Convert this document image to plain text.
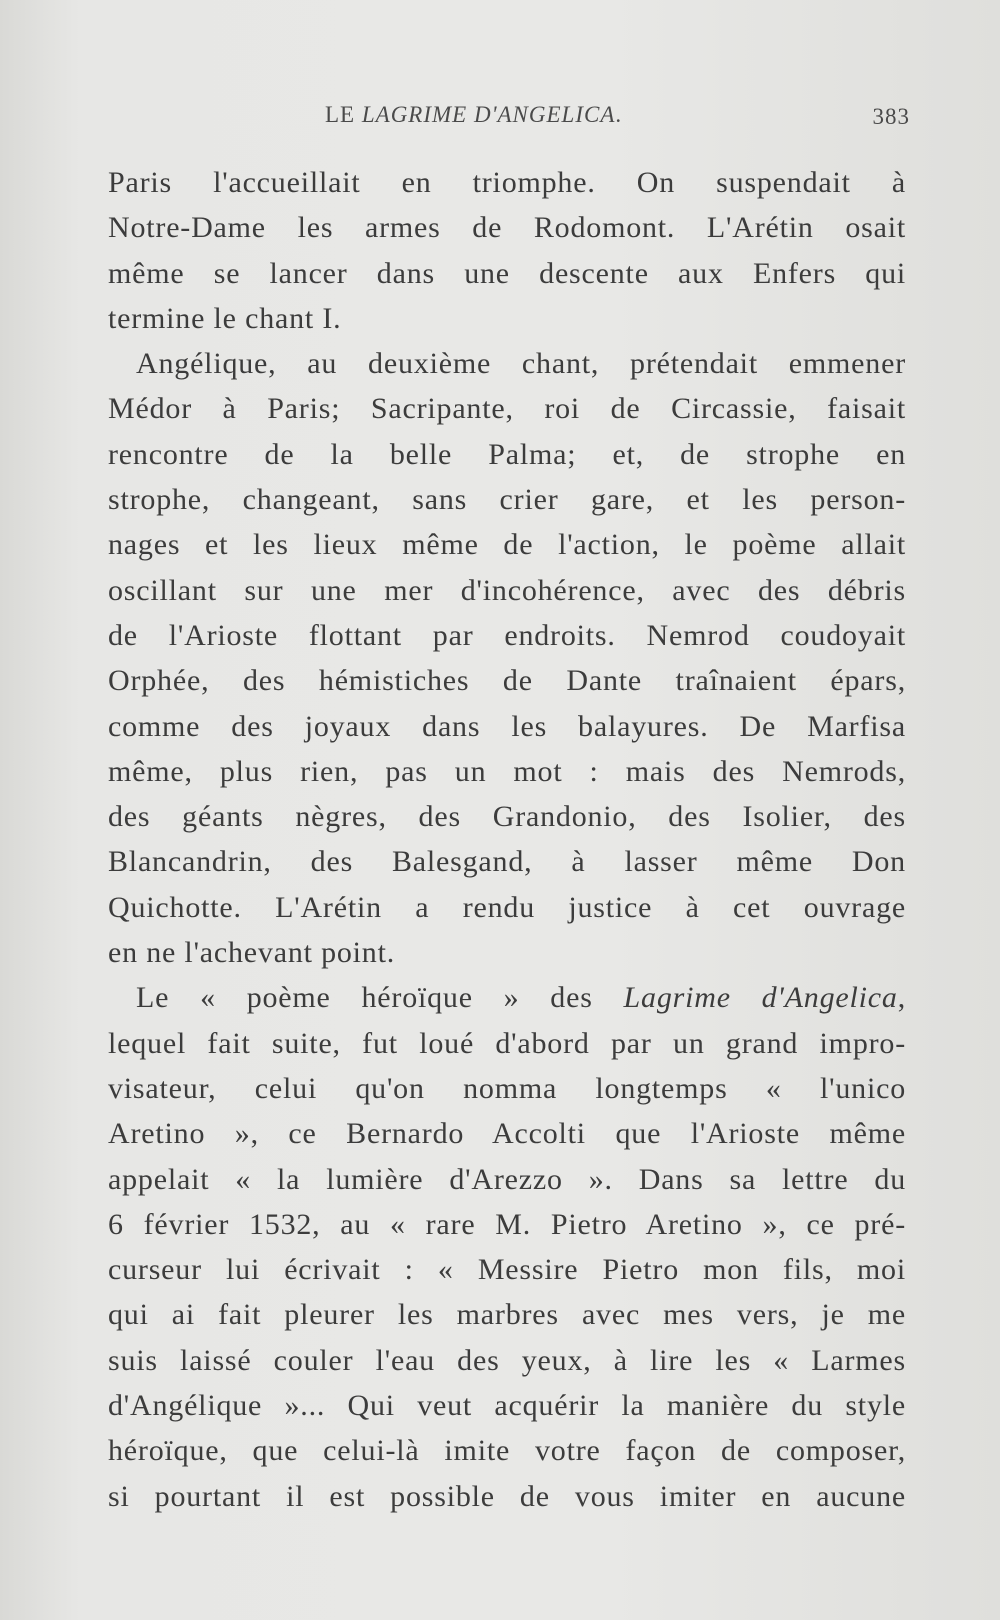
LE LAGRIME D'ANGELICA.	383
Paris l'accueillait en triomphe. On suspendait à
Notre-Dame les armes de Rodomont. L'Arétin osait
même se lancer dans une descente aux Enfers qui
termine le chant I.
Angélique, au deuxième chant, prétendait emmener
Médor à Paris; Sacripante, roi de Circassie, faisait
rencontre de la belle Palma; et, de strophe en
strophe, changeant, sans crier gare, et les person-
nages et les lieux même de l'action, le poème allait
oscillant sur une mer d'incohérence, avec des débris
de l'Arioste flottant par endroits. Nemrod coudoyait
Orphée, des hémistiches de Dante traînaient épars,
comme des joyaux dans les balayures. De Marfisa
même, plus rien, pas un mot : mais des Nemrods,
des géants nègres, des Grandonio, des Isolier, des
Blancandrin, des Balesgand, à lasser même Don
Quichotte. L'Arétin a rendu justice à cet ouvrage
en ne l'achevant point.
Le « poème héroïque » des Lagrime d'Angelica,
lequel fait suite, fut loué d'abord par un grand impro-
visateur, celui qu'on nomma longtemps « l'unico
Aretino », ce Bernardo Accolti que l'Arioste même
appelait « la lumière d'Arezzo ». Dans sa lettre du
6 février 1532, au « rare M. Pietro Aretino », ce pré-
curseur lui écrivait : « Messire Pietro mon fils, moi
qui ai fait pleurer les marbres avec mes vers, je me
suis laissé couler l'eau des yeux, à lire les « Larmes
d'Angélique »... Qui veut acquérir la manière du style
héroïque, que celui-là imite votre façon de composer,
si pourtant il est possible de vous imiter en aucune
